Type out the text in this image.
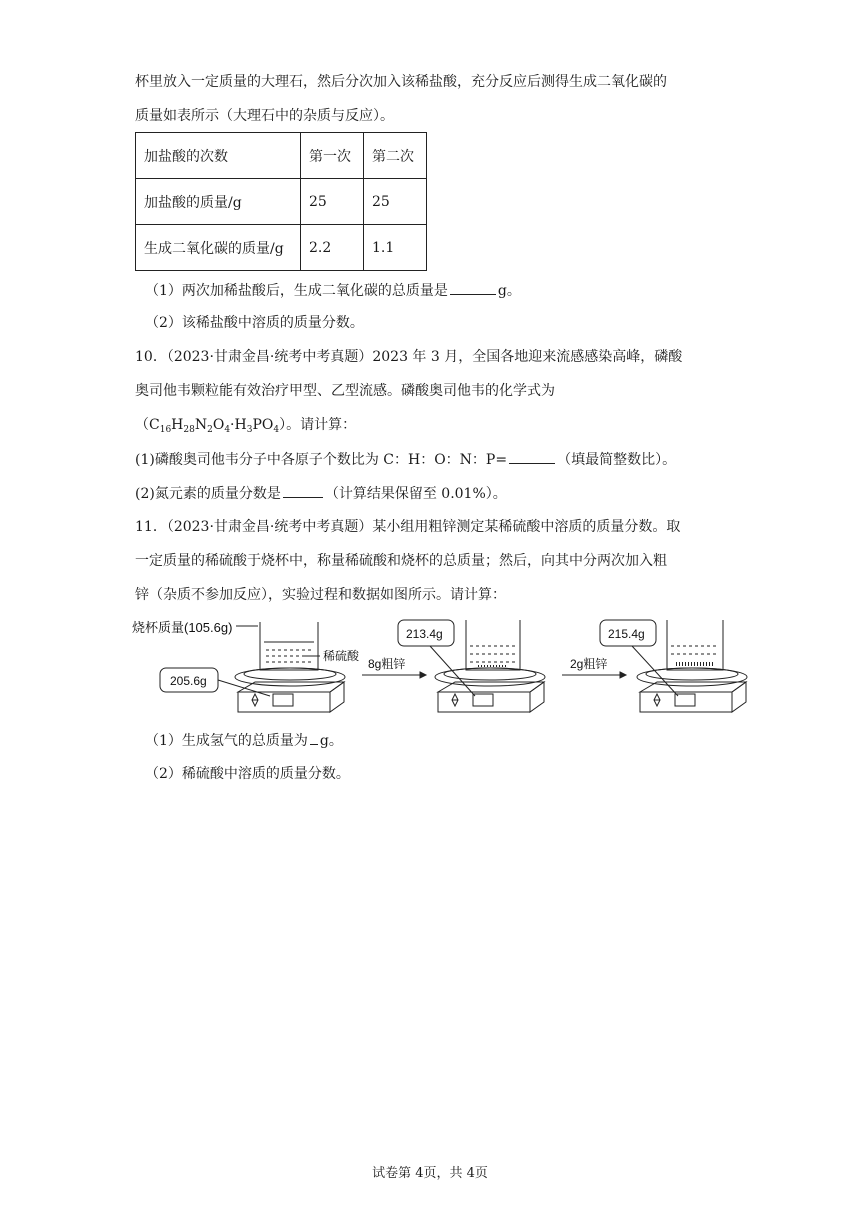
杯里放入一定质量的大理石，然后分次加入该稀盐酸，充分反应后测得生成二氧化碳的
质量如表所示（大理石中的杂质与反应）。
加盐酸的次数	第一次	第二次
加盐酸的质量/g	25	25
生成二氧化碳的质量/g	2.2	1.1
（1）两次加稀盐酸后，生成二氧化碳的总质量是	g。
（2）该稀盐酸中溶质的质量分数。
10．（2023·甘肃金昌·统考中考真题）2023 年 3 月，全国各地迎来流感感染高峰，磷酸
奥司他韦颗粒能有效治疗甲型、乙型流感。磷酸奥司他韦的化学式为
$(C_{16}H_{28}N_2O_4\cdot H_3PO_4)$。请计算：
(1)磷酸奥司他韦分子中各原子个数比为 C：H：O：N：P=	（填最简整数比）。
(2)氮元素的质量分数是	（计算结果保留至 0.01%）。
11．（2023·甘肃金昌·统考中考真题）某小组用粗锌测定某稀硫酸中溶质的质量分数。取
一定质量的稀硫酸于烧杯中，称量稀硫酸和烧杯的总质量；然后，向其中分两次加入粗
锌（杂质不参加反应），实验过程和数据如图所示。请计算：
烧杯质量(105.6g)
稀硫酸
205.6g
8g粗锌
213.4g
2g粗锌
215.4g
（1）生成氢气的总质量为 g。
（2）稀硫酸中溶质的质量分数。
试卷第 4页，共 4页
